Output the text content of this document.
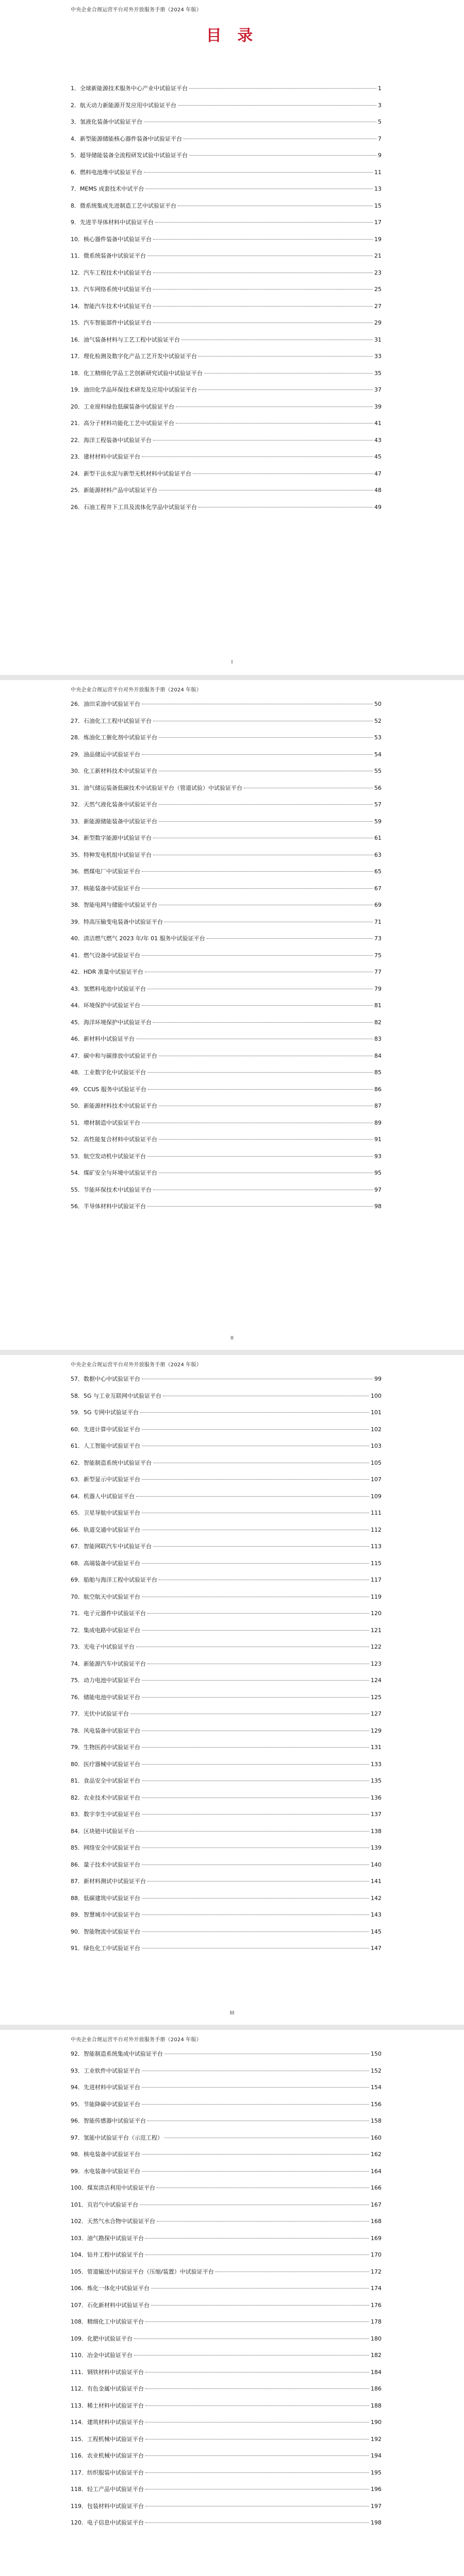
中央企业合规运营平台对外开放服务手册（2024 年版）
目 录
1．全球新能源技术服务中心产业中试验证平台	1
2．航天动力新能源开发应用中试验证平台	3
3．氢液化装备中试验证平台	5
4．新型能源储能核心器件装备中试验证平台	7
5．超导储能装备全流程研发试验中试验证平台	9
6．燃料电池堆中试验证平台	11
7．MEMS 成套技术中试平台	13
8．微系统集成先进制造工艺中试验证平台	15
9．先进半导体材料中试验证平台	17
10．核心器件装备中试验证平台	19
11．微系统装备中试验证平台	21
12．汽车工程技术中试验证平台	23
13．汽车网络系统中试验证平台	25
14．智能汽车技术中试验证平台	27
15．汽车智能部件中试验证平台	29
16．油气装备材料与工艺工程中试验证平台	31
17．理化检测及数字化产品工艺开发中试验证平台	33
18．化工精细化学品工艺创新研究试验中试验证平台	35
19．油田化学品环保技术研发及应用中试验证平台	37
20．工业原料绿色低碳装备中试验证平台	39
21．高分子材料功能化工艺中试验证平台	41
22．海洋工程装备中试验证平台	43
23．建材材料中试验证平台	45
24．新型干法水泥与新型无机材料中试验证平台	47
25．新能源材料产品中试验证平台	48
26．石油工程井下工具及流体化学品中试验证平台	49
I
中央企业合规运营平台对外开放服务手册（2024 年版）
26．油田采油中试验证平台	50
27．石油化工工程中试验证平台	52
28．炼油化工催化剂中试验证平台	53
29．油品储运中试验证平台	54
30．化工新材料技术中试验证平台	55
31．油气储运装备低碳技术中试验证平台（管道试验）中试验证平台	56
32．天然气液化装备中试验证平台	57
33．新能源储能装备中试验证平台	59
34．新型数字能源中试验证平台	61
35．特种发电机组中试验证平台	63
36．燃煤电厂中试验证平台	65
37．核能装备中试验证平台	67
38．智能电网与储能中试验证平台	69
39．特高压输变电装备中试验证平台	71
40．清洁燃气燃气 2023 年/年 01 服务中试验证平台	73
41．燃气设备中试验证平台	75
42．HDR 准量中试验证平台	77
43．氢燃料电池中试验证平台	79
44．环境保护中试验证平台	81
45．海洋环境保护中试验证平台	82
46．新材料中试验证平台	83
47．碳中和与碳排放中试验证平台	84
48．工业数字化中试验证平台	85
49．CCUS 服务中试验证平台	86
50．新能源材料技术中试验证平台	87
51．增材制造中试验证平台	89
52．高性能复合材料中试验证平台	91
53．航空发动机中试验证平台	93
54．煤矿安全与环境中试验证平台	95
55．节能环保技术中试验证平台	97
56．半导体材料中试验证平台	98
II
中央企业合规运营平台对外开放服务手册（2024 年版）
57．数据中心中试验证平台	99
58．5G 与工业互联网中试验证平台	100
59．5G 专网中试验证平台	101
60．先进计算中试验证平台	102
61．人工智能中试验证平台	103
62．智能制造系统中试验证平台	105
63．新型显示中试验证平台	107
64．机器人中试验证平台	109
65．卫星导航中试验证平台	111
66．轨道交通中试验证平台	112
67．智能网联汽车中试验证平台	113
68．高端装备中试验证平台	115
69．船舶与海洋工程中试验证平台	117
70．航空航天中试验证平台	119
71．电子元器件中试验证平台	120
72．集成电路中试验证平台	121
73．光电子中试验证平台	122
74．新能源汽车中试验证平台	123
75．动力电池中试验证平台	124
76．储能电池中试验证平台	125
77．光伏中试验证平台	127
78．风电装备中试验证平台	129
79．生物医药中试验证平台	131
80．医疗器械中试验证平台	133
81．食品安全中试验证平台	135
82．农业技术中试验证平台	136
83．数字孪生中试验证平台	137
84．区块链中试验证平台	138
85．网络安全中试验证平台	139
86．量子技术中试验证平台	140
87．新材料测试中试验证平台	141
88．低碳建筑中试验证平台	142
89．智慧城市中试验证平台	143
90．智能物流中试验证平台	145
91．绿色化工中试验证平台	147
III
中央企业合规运营平台对外开放服务手册（2024 年版）
92．智能制造系统集成中试验证平台	150
93．工业软件中试验证平台	152
94．先进材料中试验证平台	154
95．节能降碳中试验证平台	156
96．智能传感器中试验证平台	158
97．氢能中试验证平台（示范工程）	160
98．核电装备中试验证平台	162
99．水电装备中试验证平台	164
100．煤炭清洁利用中试验证平台	166
101．页岩气中试验证平台	167
102．天然气水合物中试验证平台	168
103．油气勘探中试验证平台	169
104．钻井工程中试验证平台	170
105．管道输送中试验证平台（压缩/装置）中试验证平台	172
106．炼化一体化中试验证平台	174
107．石化新材料中试验证平台	176
108．精细化工中试验证平台	178
109．化肥中试验证平台	180
110．冶金中试验证平台	182
111．钢铁材料中试验证平台	184
112．有色金属中试验证平台	186
113．稀土材料中试验证平台	188
114．建筑材料中试验证平台	190
115．工程机械中试验证平台	192
116．农业机械中试验证平台	194
117．纺织服装中试验证平台	195
118．轻工产品中试验证平台	196
119．包装材料中试验证平台	197
120．电子信息中试验证平台	198
